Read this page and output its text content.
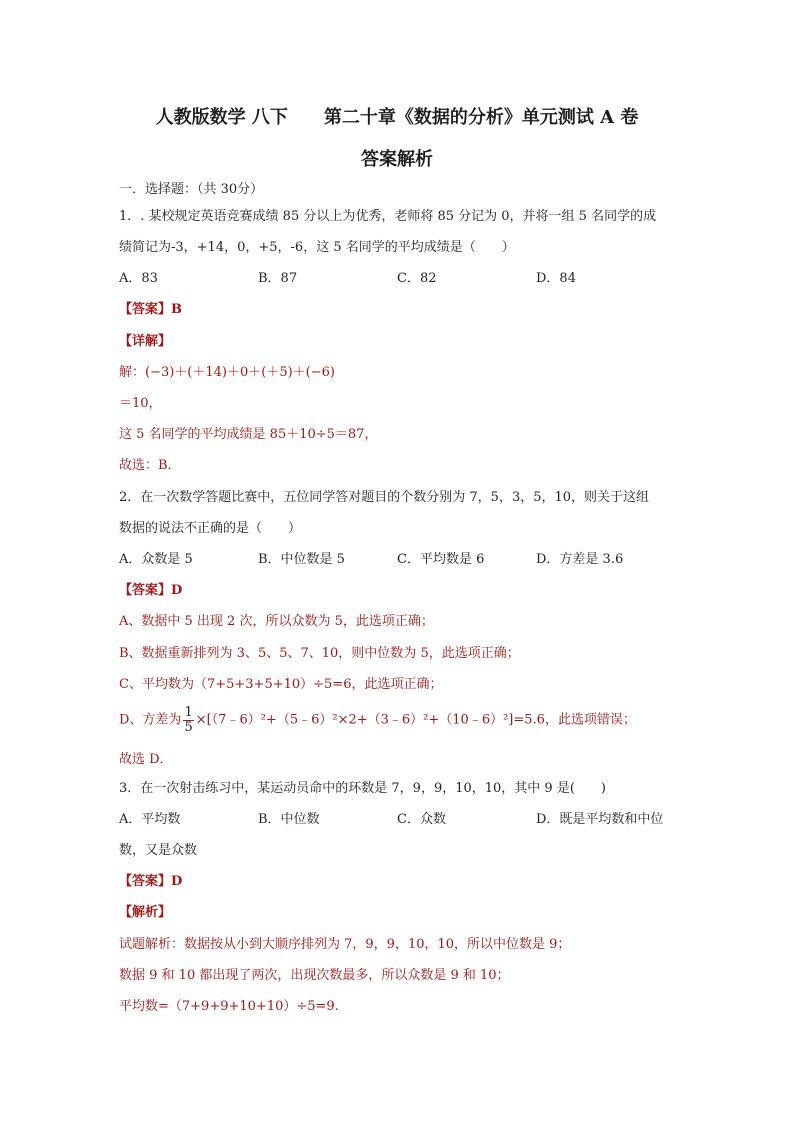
人教版数学 八下　　第二十章《数据的分析》单元测试 A 卷
答案解析
一．选择题：（共 30分）
1．. 某校规定英语竞赛成绩 85 分以上为优秀，老师将 85 分记为 0，并将一组 5 名同学的成
绩简记为-3，+14，0，+5，-6，这 5 名同学的平均成绩是（　　）
A．83	B．87	C．82	D．84
【答案】B
【详解】
解：(−3)＋(＋14)＋0＋(＋5)＋(−6)
＝10，
这 5 名同学的平均成绩是 85＋10÷5＝87，
故选：B．
2．在一次数学答题比赛中，五位同学答对题目的个数分别为 7，5，3，5，10，则关于这组
数据的说法不正确的是（　　）
A．众数是 5	B．中位数是 5	C．平均数是 6	D．方差是 3.6
【答案】D
A、数据中 5 出现 2 次，所以众数为 5，此选项正确；
B、数据重新排列为 3、5、5、7、10，则中位数为 5，此选项正确；
C、平均数为（7+5+3+5+10）÷5=6，此选项正确；
D、方差为 $\frac{1}{5}$ ×[（7﹣6）²+（5﹣6）²×2+（3﹣6）²+（10﹣6）²]=5.6，此选项错误；
故选 D．
3．在一次射击练习中，某运动员命中的环数是 7，9，9，10，10，其中 9 是(　　)
A．平均数	B．中位数	C．众数	D．既是平均数和中位
数，又是众数
【答案】D
【解析】
试题解析：数据按从小到大顺序排列为 7，9，9，10，10，所以中位数是 9；
数据 9 和 10 都出现了两次，出现次数最多，所以众数是 9 和 10；
平均数=（7+9+9+10+10）÷5=9.
